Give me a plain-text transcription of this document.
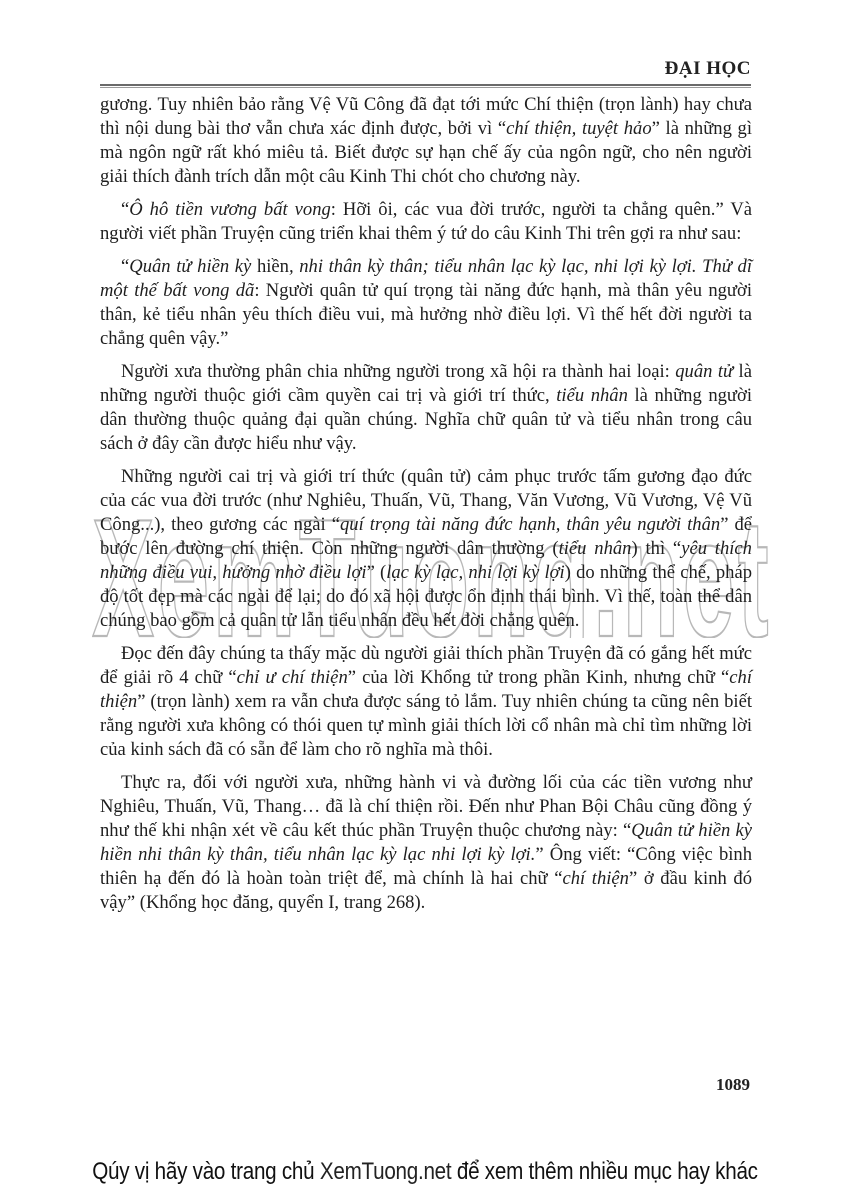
ĐẠI HỌC
XemTuong.net

gương. Tuy nhiên bảo rằng Vệ Vũ Công đã đạt tới mức Chí thiện (trọn lành) hay chưa thì nội dung bài thơ vẫn chưa xác định được, bởi vì “chí thiện, tuyệt hảo” là những gì mà ngôn ngữ rất khó miêu tả. Biết được sự hạn chế ấy của ngôn ngữ, cho nên người giải thích đành trích dẫn một câu Kinh Thi chót cho chương này.

“Ô hô tiền vương bất vong: Hỡi ôi, các vua đời trước, người ta chẳng quên.” Và người viết phần Truyện cũng triển khai thêm ý tứ do câu Kinh Thi trên gợi ra như sau:

“Quân tử hiền kỳ hiền, nhi thân kỳ thân; tiểu nhân lạc kỳ lạc, nhi lợi kỳ lợi. Thử dĩ một thế bất vong dã: Người quân tử quí trọng tài năng đức hạnh, mà thân yêu người thân, kẻ tiểu nhân yêu thích điều vui, mà hưởng nhờ điều lợi. Vì thế hết đời người ta chẳng quên vậy.”

Người xưa thường phân chia những người trong xã hội ra thành hai loại: quân tử là những người thuộc giới cầm quyền cai trị và giới trí thức, tiểu nhân là những người dân thường thuộc quảng đại quần chúng. Nghĩa chữ quân tử và tiểu nhân trong câu sách ở đây cần được hiểu như vậy.

Những người cai trị và giới trí thức (quân tử) cảm phục trước tấm gương đạo đức của các vua đời trước (như Nghiêu, Thuấn, Vũ, Thang, Văn Vương, Vũ Vương, Vệ Vũ Công...), theo gương các ngài “quí trọng tài năng đức hạnh, thân yêu người thân” để bước lên đường chí thiện. Còn những người dân thường (tiểu nhân) thì “yêu thích những điều vui, hưởng nhờ điều lợi” (lạc kỳ lạc, nhi lợi kỳ lợi) do những thể chế, pháp độ tốt đẹp mà các ngài để lại; do đó xã hội được ổn định thái bình. Vì thế, toàn thể dân chúng bao gồm cả quân tử lẫn tiểu nhân đều hết đời chẳng quên.

Đọc đến đây chúng ta thấy mặc dù người giải thích phần Truyện đã có gắng hết mức để giải rõ 4 chữ “chỉ ư chí thiện” của lời Khổng tử trong phần Kinh, nhưng chữ “chí thiện” (trọn lành) xem ra vẫn chưa được sáng tỏ lắm. Tuy nhiên chúng ta cũng nên biết rằng người xưa không có thói quen tự mình giải thích lời cổ nhân mà chỉ tìm những lời của kinh sách đã có sẵn để làm cho rõ nghĩa mà thôi.

Thực ra, đối với người xưa, những hành vi và đường lối của các tiền vương như Nghiêu, Thuấn, Vũ, Thang… đã là chí thiện rồi. Đến như Phan Bội Châu cũng đồng ý như thế khi nhận xét về câu kết thúc phần Truyện thuộc chương này: “Quân tử hiền kỳ hiền nhi thân kỳ thân, tiểu nhân lạc kỳ lạc nhi lợi kỳ lợi.” Ông viết: “Công việc bình thiên hạ đến đó là hoàn toàn triệt để, mà chính là hai chữ “chí thiện” ở đầu kinh đó vậy” (Khổng học đăng, quyển I, trang 268).

1089
Qúy vị hãy vào trang chủ XemTuong.net để xem thêm nhiều mục hay khác
